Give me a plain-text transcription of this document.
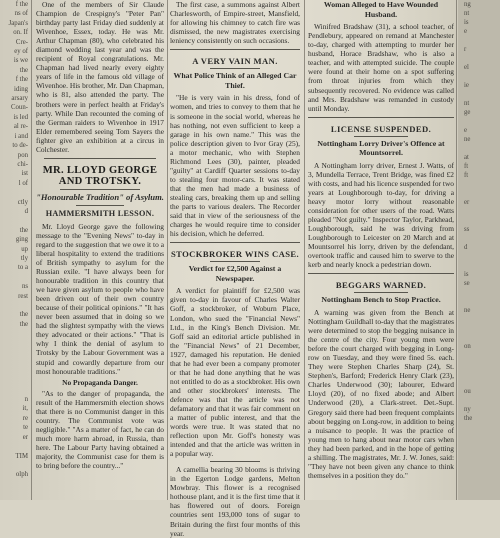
f the

ns of

Japan's

on. If

Cre-

ey of

is we

the

f the

iding

arsary

Coun-

is led

al re-

i and

to de-

pon

chi-

ist

l of

ctly

d

the

ging

up

tly

to a

ns

rest

the

the

n

it,

re

te

er

TIM

olph

One of the members of Sir Claude Champion de Crespigny's "Peter Pan" birthday party last Friday died suddenly at Wivenhoe, Essex, today. He was Mr. Arthur Chapman (80), who celebrated his diamond wedding last year and was the recipient of Royal congratulations. Mr. Chapman had lived nearly every eighty years of life in the famous old village of Wivenhoe. His brother, Mr. Dan Chapman, who is 81, also attended the party. The brothers were in perfect health at Friday's party. While Dan recounted the coming of the German raiders to Wivenhoe in 1917 Elder remembered seeing Tom Sayers the fighter give an exhibition at a circus in Colchester.

MR. LLOYD GEORGE AND TROTSKY.
"Honourable Tradition" of Asylum.
HAMMERSMITH LESSON.

Mr. Lloyd George gave the following message to the "Evening News" to-day in regard to the suggestion that we owe it to a liberal hospitality to extend the traditions of British sympathy to asylum for the Russian exile. "I have always been for honourable tradition in this country that we have given asylum to people who have been driven out of their own country because of their political opinions." "It has never been assumed that in doing so we had the slightest sympathy with the views they advocated or their actions." "That is why I think the denial of asylum to Trotsky by the Labour Government was a stupid and cowardly departure from our most honourable traditions."

No Propaganda Danger.

"As to the danger of propaganda, the result of the Hammersmith election shows that there is no Communist danger in this country. The Communist vote was negligible." "As a matter of fact, he can do much more harm abroad, in Russia, than here. The Labour Party having obtained a majority, the Communist case for them is to bring before the country..."

The first case, a summons against Albert Charlesworth, of Empire-street, Mansfield, for allowing his chimney to catch fire was dismissed, the new magistrates exercising leniency consistently on such occasions.

A VERY VAIN MAN.
What Police Think of an Alleged Car Thief.

"He is very vain in his dress, fond of women, and tries to convey to them that he is someone in the social world, whereas he has nothing, not even sufficient to keep a garage in his own name." This was the police description given to Ivor Gray (25), a motor mechanic, who with Stephen Richmond Lees (30), painter, pleaded "guilty" at Cardiff Quarter sessions to-day to stealing four motor-cars. It was stated that the men had made a business of stealing cars, breaking them up and selling the parts to various dealers. The Recorder said that in view of the seriousness of the charges he would require time to consider his decision, which he deferred.

STOCKBROKER WINS CASE.
Verdict for £2,500 Against a Newspaper.

A verdict for plaintiff for £2,500 was given to-day in favour of Charles Walter Goff, a stockbroker, of Woburn Place, London, who sued the "Financial News" Ltd., in the King's Bench Division. Mr. Goff said an editorial article published in the "Financial News" of 21 December, 1927, damaged his reputation. He denied that he had ever been a company promoter or that he had done anything that he was not entitled to do as a stockbroker. His own and other stockbrokers' interests. The defence was that the article was not defamatory and that it was fair comment on a matter of public interest, and that the words were true. It was stated that no reflection upon Mr. Goff's honesty was intended and that the article was written in a popular way.

A camellia bearing 30 blooms is thriving in the Egerton Lodge gardens, Melton Mowbray. This flower is a recognised hothouse plant, and it is the first time that it has flowered out of doors. Foreign countries sent 193,000 tons of sugar to Britain during the first four months of this year.

Woman Alleged to Have Wounded Husband.

Winifred Bradshaw (31), a school teacher, of Pendlebury, appeared on remand at Manchester to-day, charged with attempting to murder her husband, Horace Bradshaw, who is also a teacher, and with attempted suicide. The couple were found at their home on a spot suffering from throat injuries from which they subsequently recovered. No evidence was called and Mrs. Bradshaw was remanded in custody until Monday.

LICENSE SUSPENDED.
Nottingham Lorry Driver's Offence at Mountsorrel.

A Nottingham lorry driver, Ernest J. Watts, of 3, Mundella Terrace, Trent Bridge, was fined £2 with costs, and had his licence suspended for two years at Loughborough to-day, for driving a heavy motor lorry without reasonable consideration for other users of the road. Watts pleaded "Not guilty." Inspector Taylor, Parkhead, Loughborough, said he was driving from Loughborough to Leicester on 20 March and at Mountsorrel his lorry, driven by the defendant, overtook traffic and caused him to swerve to the kerb and nearly knock a pedestrian down.

BEGGARS WARNED.
Nottingham Bench to Stop Practice.

A warning was given from the Bench at Nottingham Guildhall to-day that the magistrates were determined to stop the begging nuisance in the centre of the city. Four young men were before the court charged with begging in Long-row on Tuesday, and they were fined 5s. each. They were Stephen Charles Sharp (24), St. Stephen's, Barford; Frederick Henry Clark (23), Charles Underwood (30); labourer, Edward Lloyd (20), of no fixed abode; and Albert Underwood (20), a Clark-street. Det.-Supt. Gregory said there had been frequent complaints about begging on Long-row, in addition to being a nuisance to people. It was the practice of young men to hang about near motor cars when they had been parked, and in the hope of getting a shilling. The magistrates, Mr. J. W. Jones, said: "They have not been given any chance to think themselves in a position they do."

ng

nt

is

e

r

el

ie

nt

ge

e

ne

at

ft

ft

er

ss

d

is

se

ne

on

ou

ny

the
